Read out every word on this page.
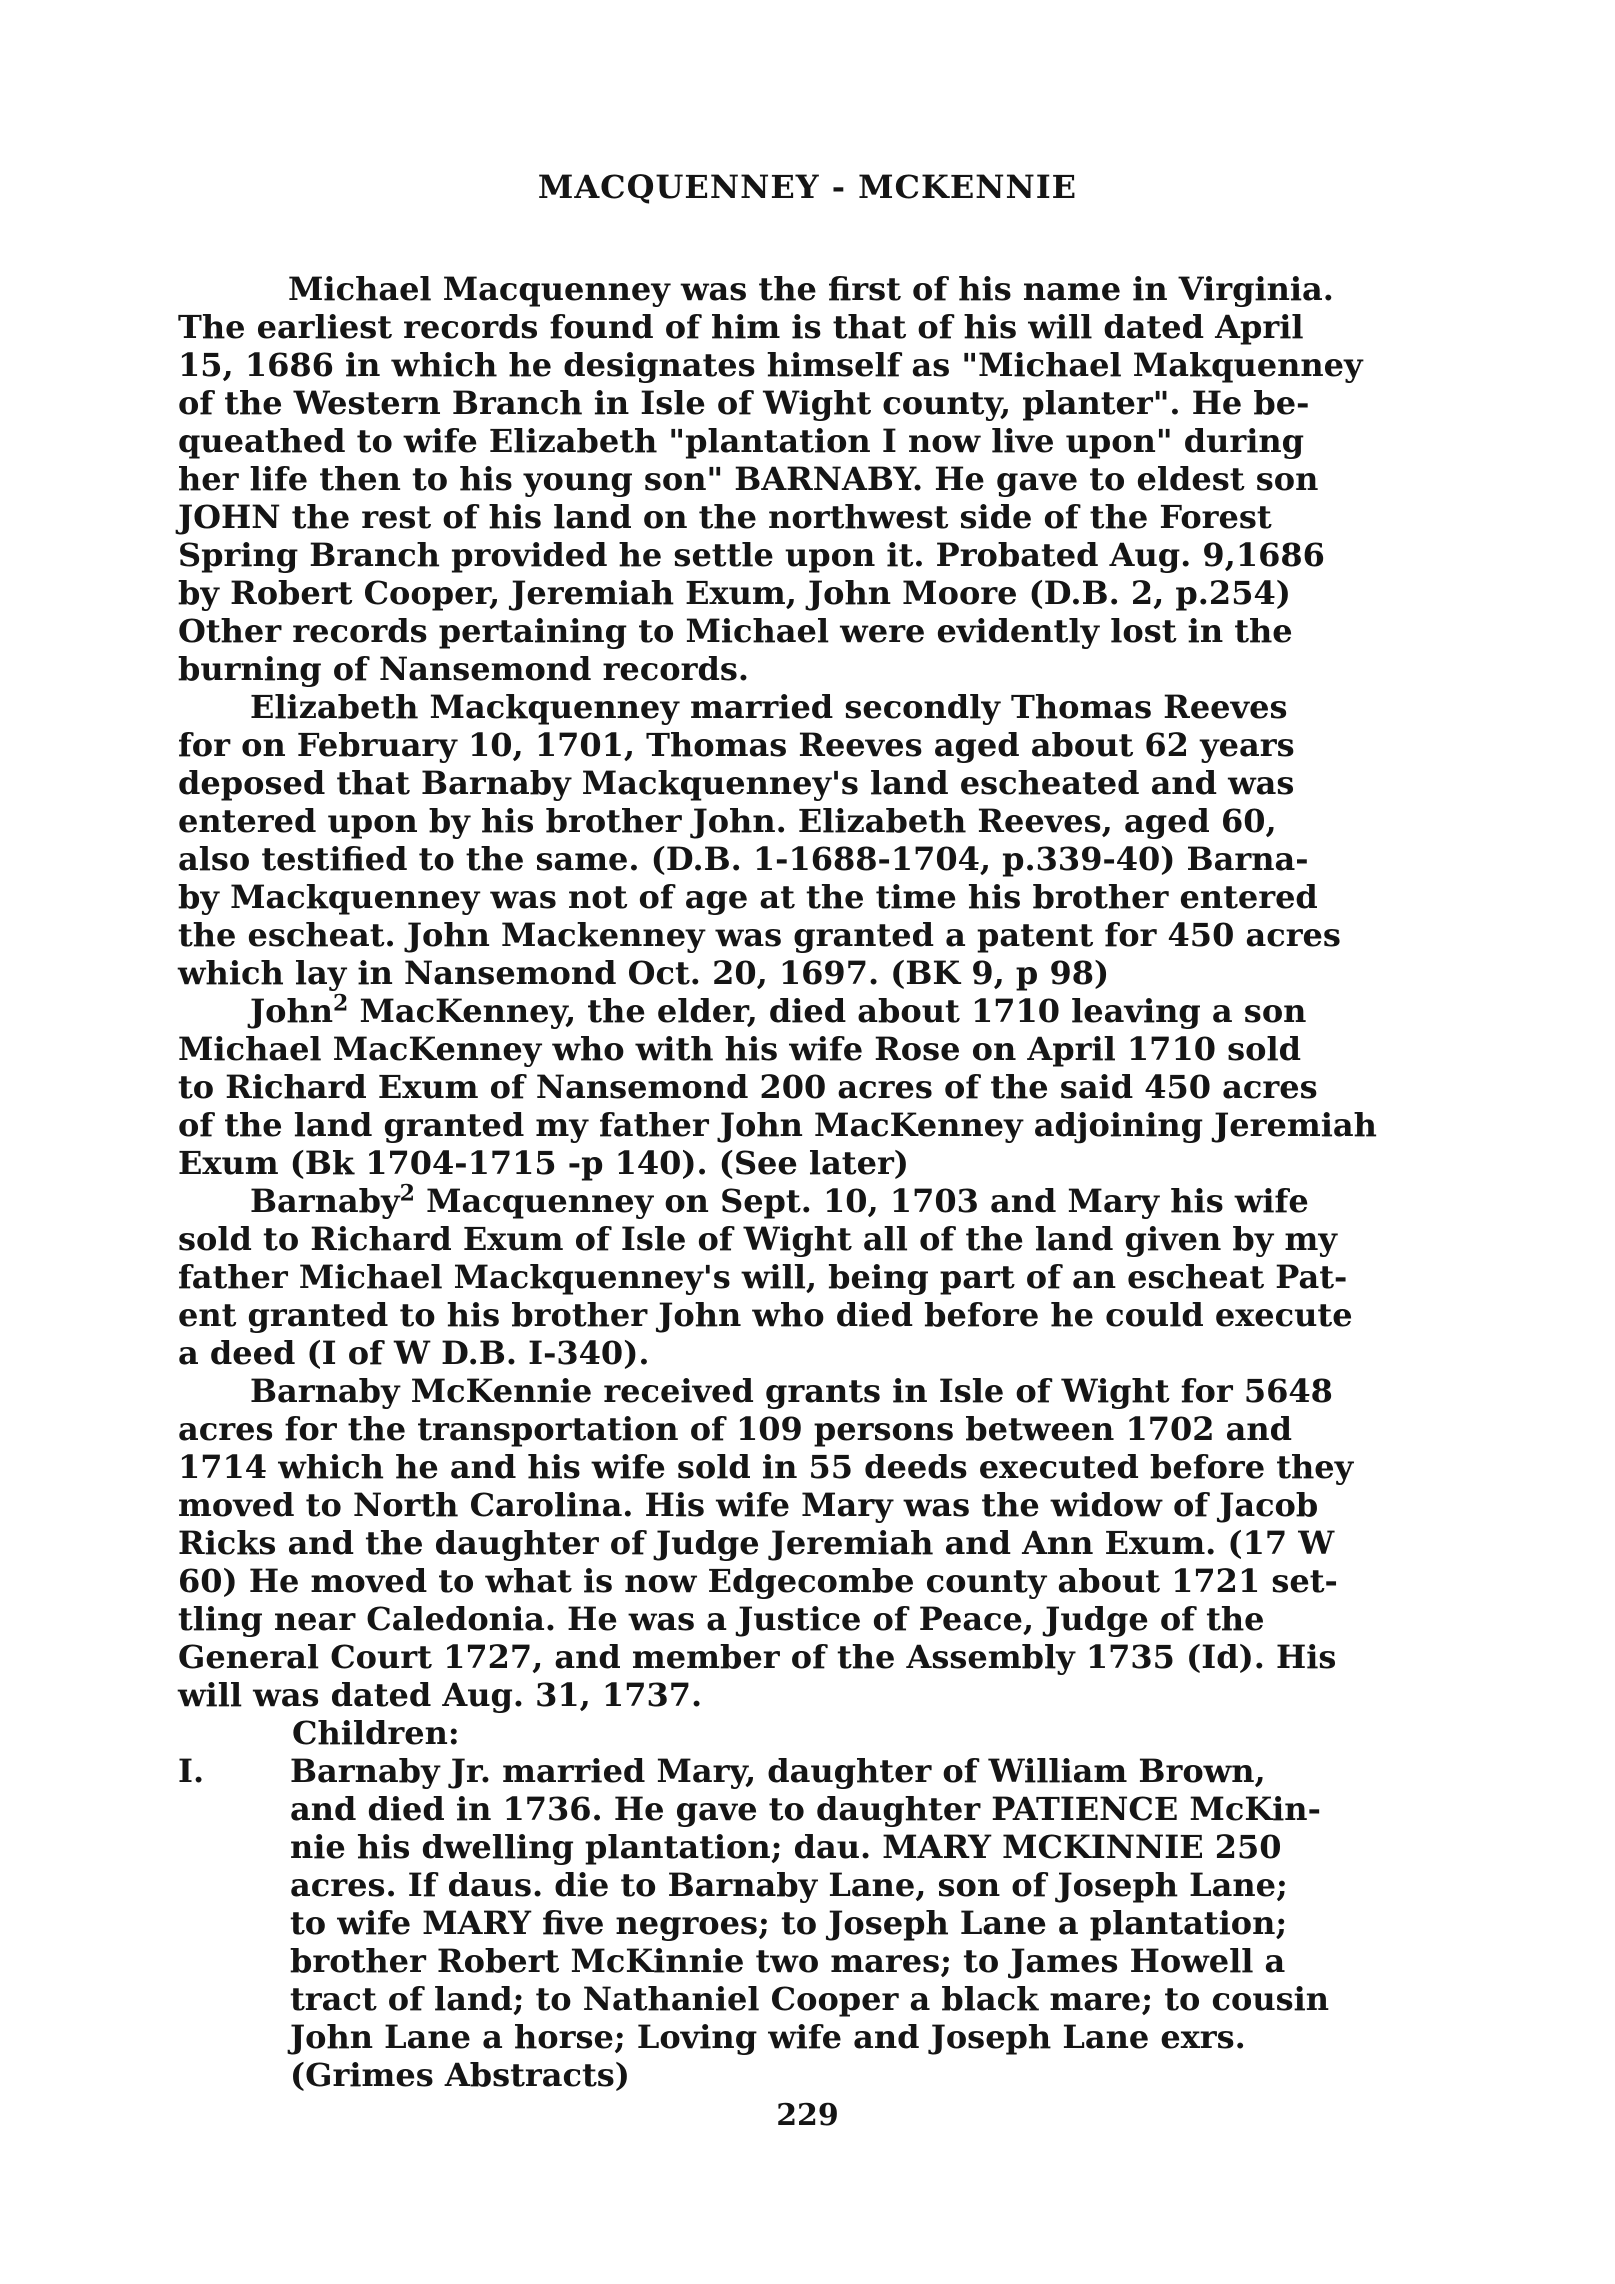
MACQUENNEY - MCKENNIE
Michael Macquenney was the first of his name in Virginia.
The earliest records found of him is that of his will dated April
15, 1686 in which he designates himself as "Michael Makquenney
of the Western Branch in Isle of Wight county, planter". He be-
queathed to wife Elizabeth "plantation I now live upon" during
her life then to his young son" BARNABY. He gave to eldest son
JOHN the rest of his land on the northwest side of the Forest
Spring Branch provided he settle upon it. Probated Aug. 9,1686
by Robert Cooper, Jeremiah Exum, John Moore (D.B. 2, p.254)
Other records pertaining to Michael were evidently lost in the
burning of Nansemond records.
Elizabeth Mackquenney married secondly Thomas Reeves
for on February 10, 1701, Thomas Reeves aged about 62 years
deposed that Barnaby Mackquenney's land escheated and was
entered upon by his brother John. Elizabeth Reeves, aged 60,
also testified to the same. (D.B. 1-1688-1704, p.339-40) Barna-
by Mackquenney was not of age at the time his brother entered
the escheat. John Mackenney was granted a patent for 450 acres
which lay in Nansemond Oct. 20, 1697. (BK 9, p 98)
John$^2$ MacKenney, the elder, died about 1710 leaving a son
Michael MacKenney who with his wife Rose on April 1710 sold
to Richard Exum of Nansemond 200 acres of the said 450 acres
of the land granted my father John MacKenney adjoining Jeremiah
Exum (Bk 1704-1715 -p 140). (See later)
Barnaby$^2$ Macquenney on Sept. 10, 1703 and Mary his wife
sold to Richard Exum of Isle of Wight all of the land given by my
father Michael Mackquenney's will, being part of an escheat Pat-
ent granted to his brother John who died before he could execute
a deed (I of W D.B. I-340).
Barnaby McKennie received grants in Isle of Wight for 5648
acres for the transportation of 109 persons between 1702 and
1714 which he and his wife sold in 55 deeds executed before they
moved to North Carolina. His wife Mary was the widow of Jacob
Ricks and the daughter of Judge Jeremiah and Ann Exum. (17 W
60) He moved to what is now Edgecombe county about 1721 set-
tling near Caledonia. He was a Justice of Peace, Judge of the
General Court 1727, and member of the Assembly 1735 (Id). His
will was dated Aug. 31, 1737.
Children:
I.	Barnaby Jr. married Mary, daughter of William Brown,
and died in 1736. He gave to daughter PATIENCE McKin-
nie his dwelling plantation; dau. MARY MCKINNIE 250
acres. If daus. die to Barnaby Lane, son of Joseph Lane;
to wife MARY five negroes; to Joseph Lane a plantation;
brother Robert McKinnie two mares; to James Howell a
tract of land; to Nathaniel Cooper a black mare; to cousin
John Lane a horse; Loving wife and Joseph Lane exrs.
(Grimes Abstracts)
229
